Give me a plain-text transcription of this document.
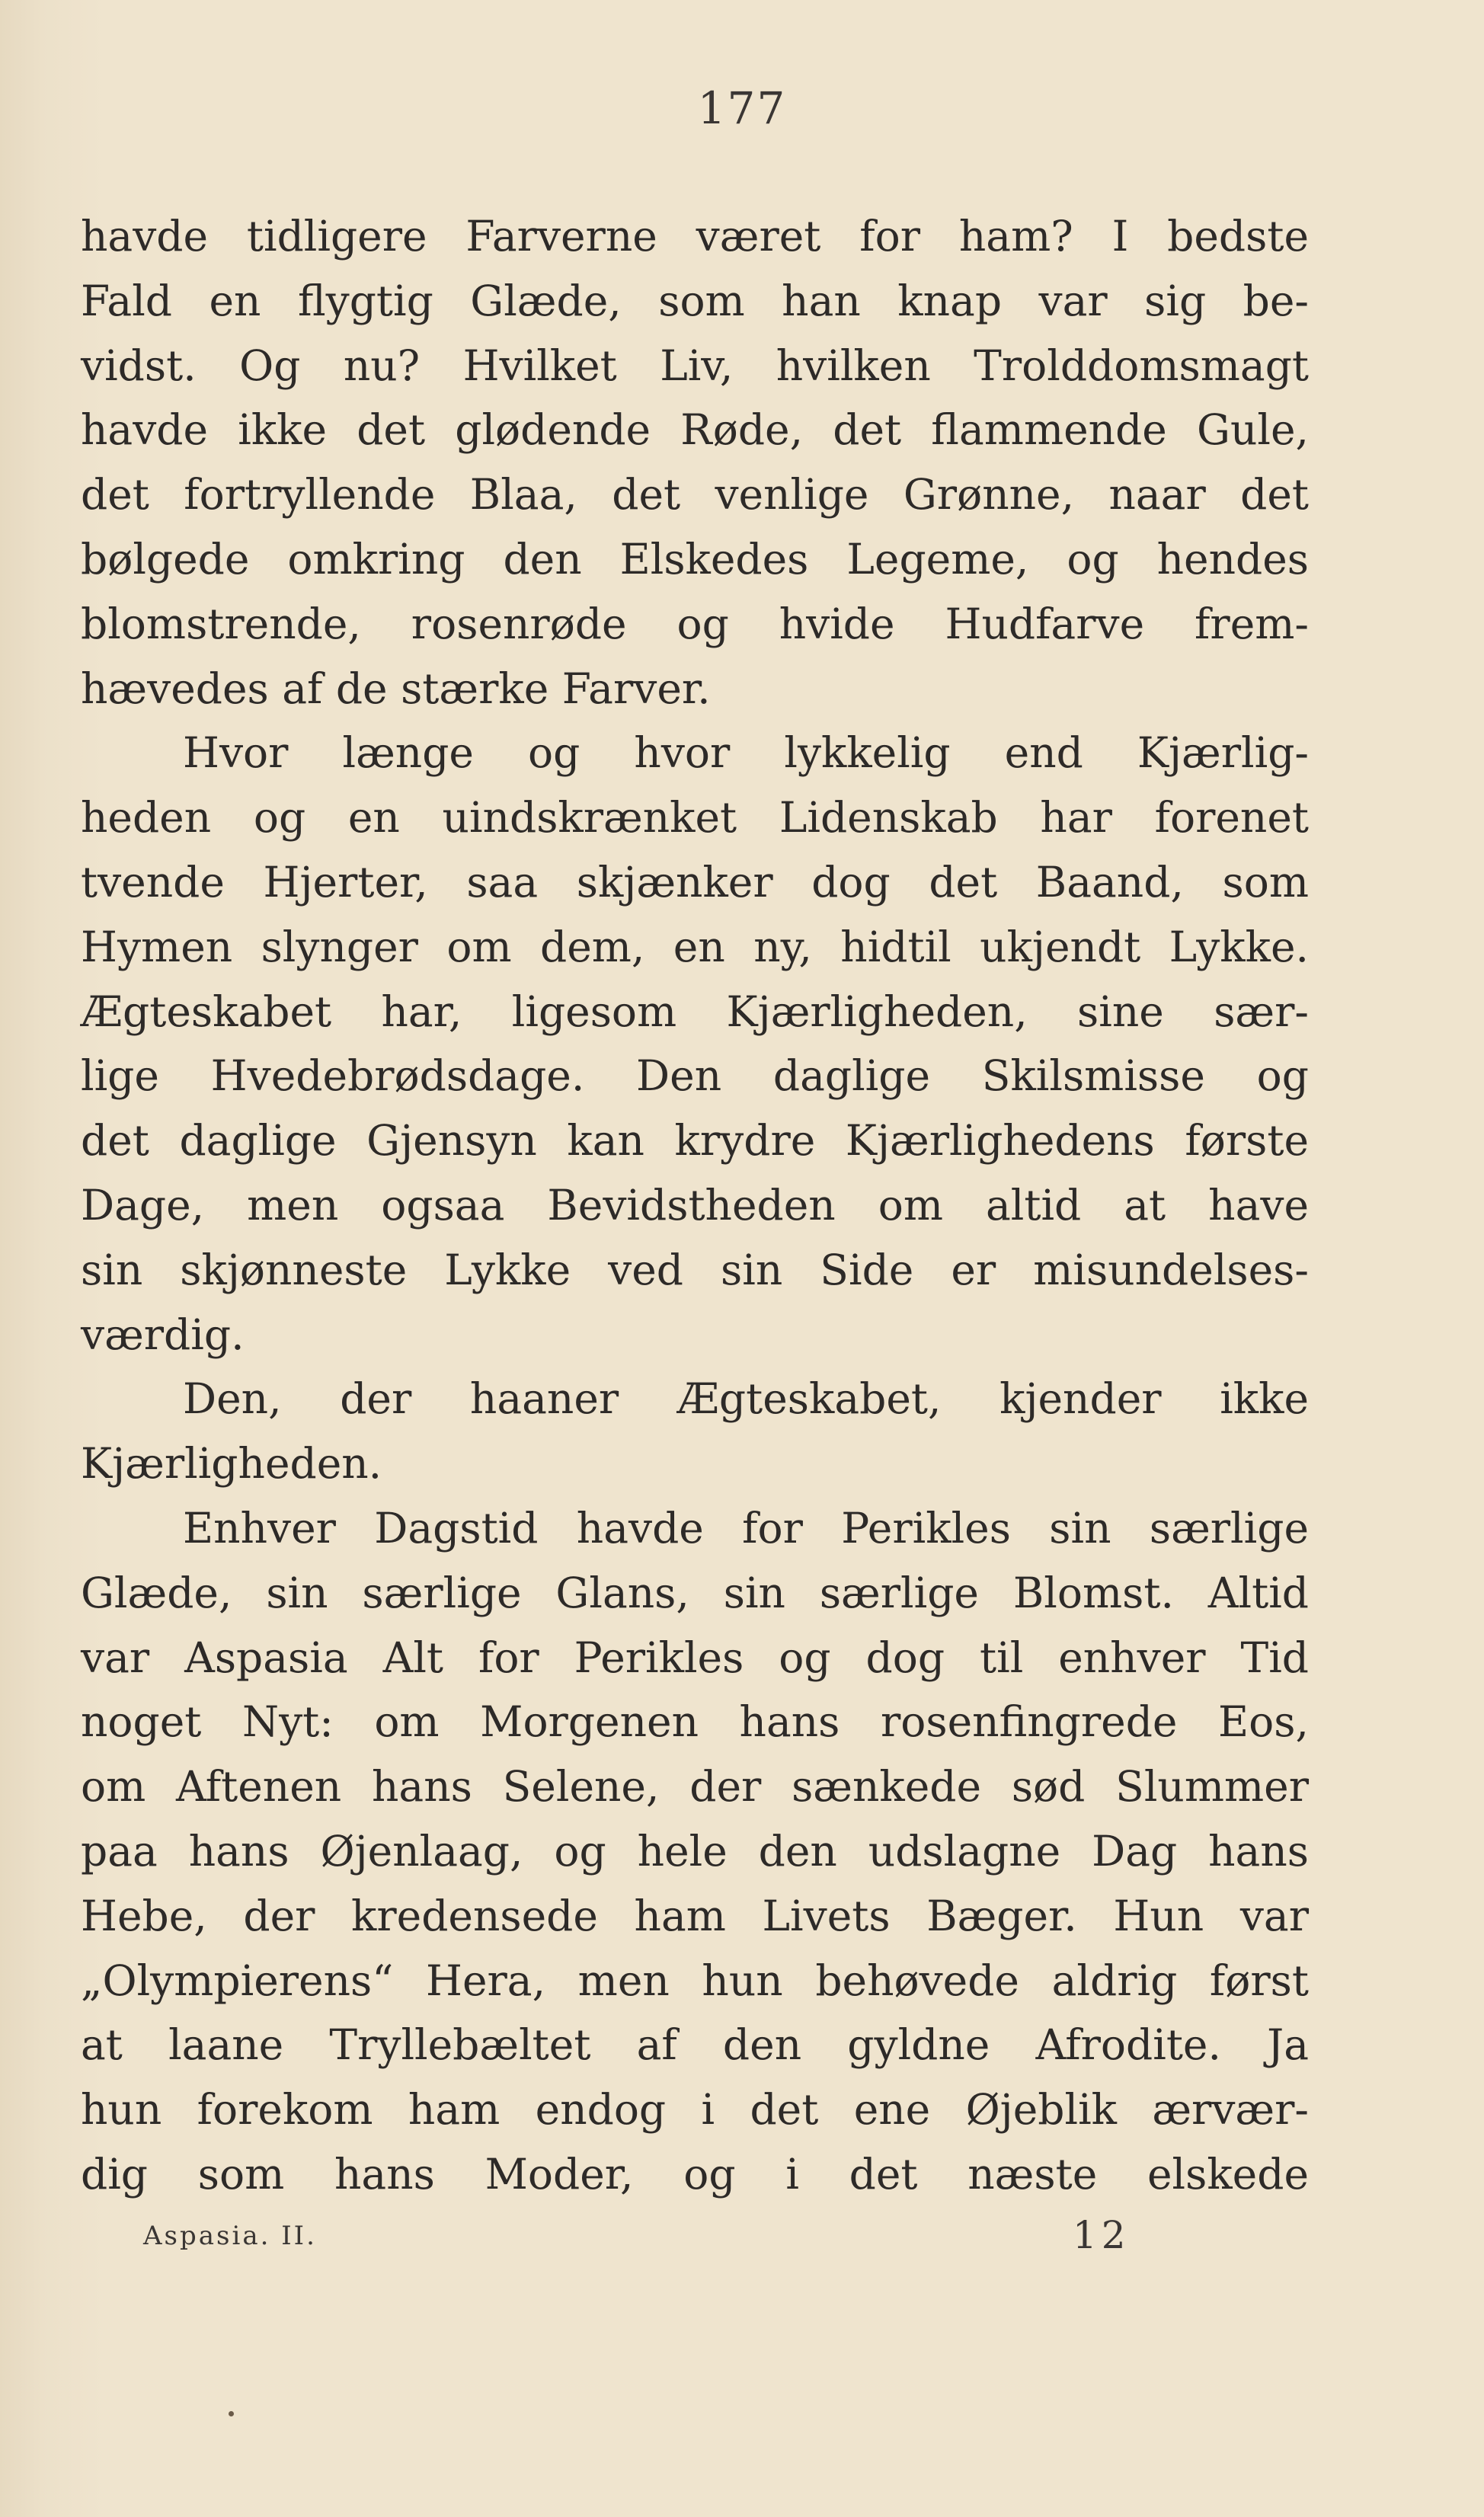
177
havde tidligere Farverne været for ham? I bedste
Fald en flygtig Glæde, som han knap var sig be-
vidst. Og nu? Hvilket Liv, hvilken Trolddomsmagt
havde ikke det glødende Røde, det flammende Gule,
det fortryllende Blaa, det venlige Grønne, naar det
bølgede omkring den Elskedes Legeme, og hendes
blomstrende, rosenrøde og hvide Hudfarve frem-
hævedes af de stærke Farver.
Hvor længe og hvor lykkelig end Kjærlig-
heden og en uindskrænket Lidenskab har forenet
tvende Hjerter, saa skjænker dog det Baand, som
Hymen slynger om dem, en ny, hidtil ukjendt Lykke.
Ægteskabet har, ligesom Kjærligheden, sine sær-
lige Hvedebrødsdage. Den daglige Skilsmisse og
det daglige Gjensyn kan krydre Kjærlighedens første
Dage, men ogsaa Bevidstheden om altid at have
sin skjønneste Lykke ved sin Side er misundelses-
værdig.
Den, der haaner Ægteskabet, kjender ikke
Kjærligheden.
Enhver Dagstid havde for Perikles sin særlige
Glæde, sin særlige Glans, sin særlige Blomst. Altid
var Aspasia Alt for Perikles og dog til enhver Tid
noget Nyt: om Morgenen hans rosenfingrede Eos,
om Aftenen hans Selene, der sænkede sød Slummer
paa hans Øjenlaag, og hele den udslagne Dag hans
Hebe, der kredensede ham Livets Bæger. Hun var
„Olympierens“ Hera, men hun behøvede aldrig først
at laane Tryllebæltet af den gyldne Afrodite. Ja
hun forekom ham endog i det ene Øjeblik ærvær-
dig som hans Moder, og i det næste elskede
Aspasia. II.	12
